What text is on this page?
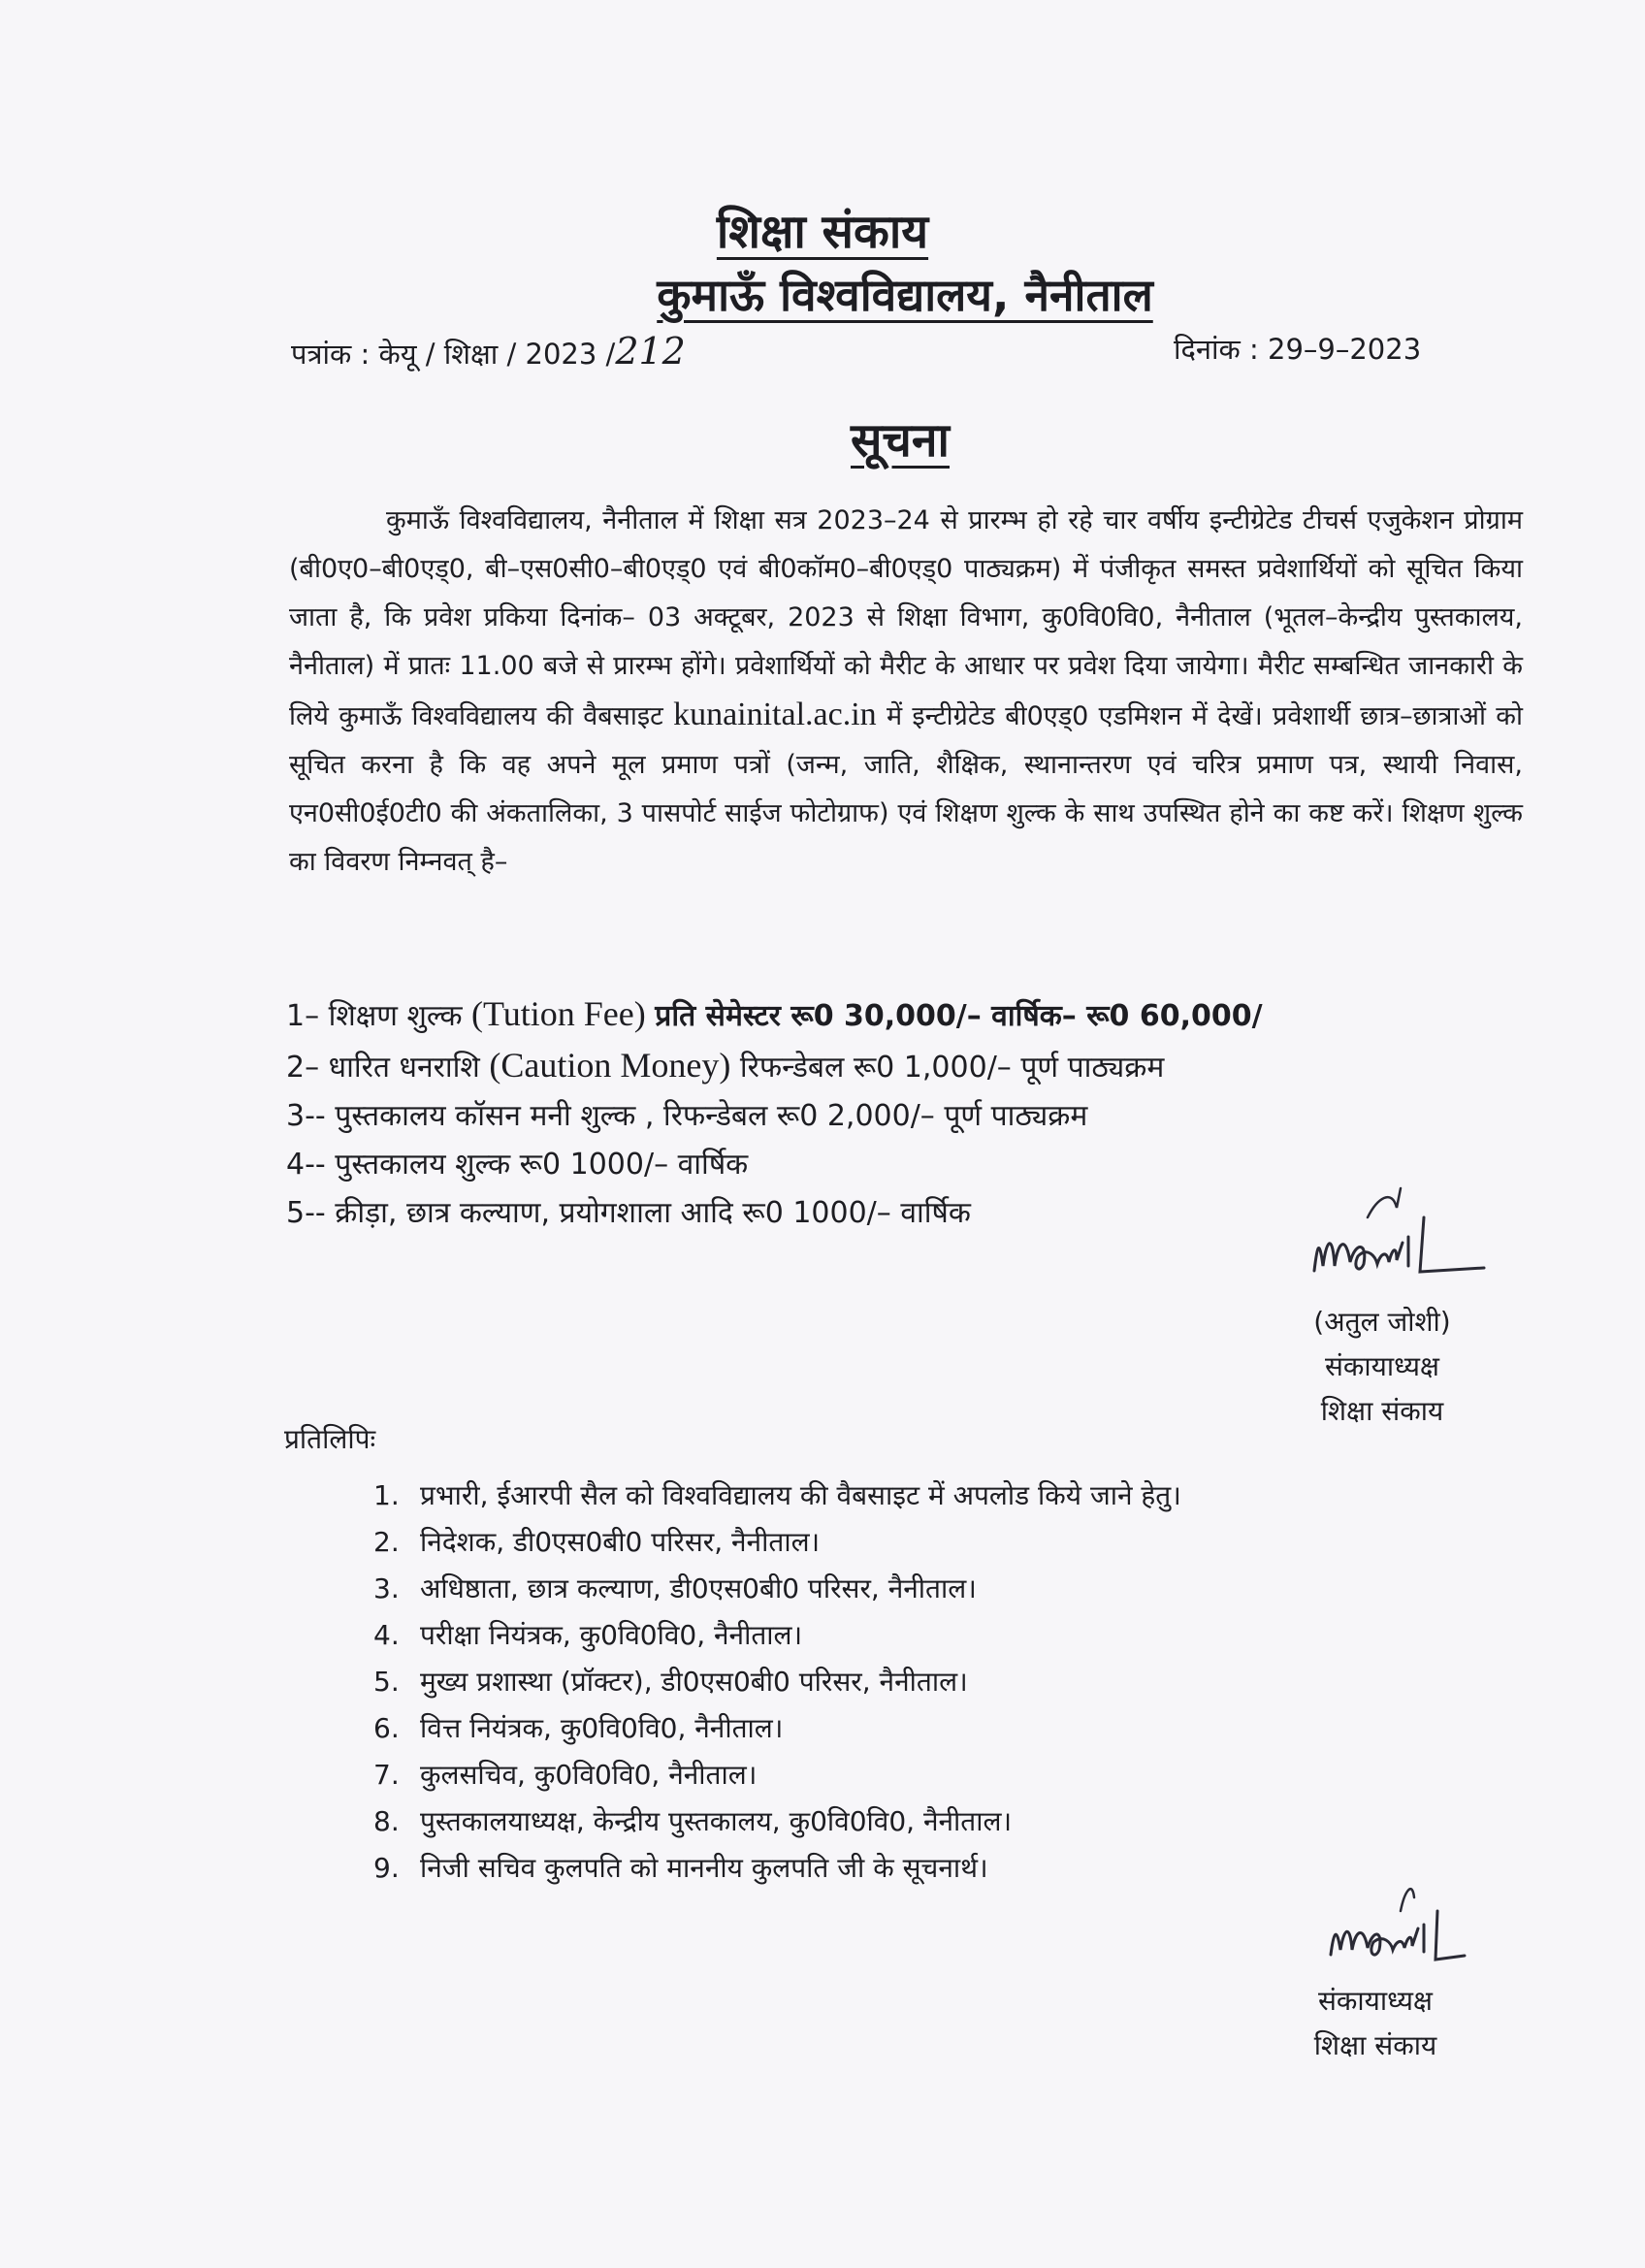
शिक्षा संकाय
कुमाऊँ विश्वविद्यालय, नैनीताल
पत्रांक : केयू / शिक्षा / 2023 /212	दिनांक : 29–9–2023
सूचना
कुमाऊँ विश्वविद्यालय, नैनीताल में शिक्षा सत्र 2023–24 से प्रारम्भ हो रहे चार वर्षीय इन्टीग्रेटेड टीचर्स एजुकेशन प्रोग्राम (बी0ए0–बी0एड्0, बी–एस0सी0–बी0एड्0 एवं बी0कॉम0–बी0एड्0 पाठ्यक्रम) में पंजीकृत समस्त प्रवेशार्थियों को सूचित किया जाता है, कि प्रवेश प्रकिया दिनांक– 03 अक्टूबर, 2023 से शिक्षा विभाग, कु0वि0वि0, नैनीताल (भूतल–केन्द्रीय पुस्तकालय, नैनीताल) में प्रातः 11.00 बजे से प्रारम्भ होंगे। प्रवेशार्थियों को मैरीट के आधार पर प्रवेश दिया जायेगा। मैरीट सम्बन्धित जानकारी के लिये कुमाऊँ विश्वविद्यालय की वैबसाइट kunainital.ac.in में इन्टीग्रेटेड बी0एड्0 एडमिशन में देखें। प्रवेशार्थी छात्र–छात्राओं को सूचित करना है कि वह अपने मूल प्रमाण पत्रों (जन्म, जाति, शैक्षिक, स्थानान्तरण एवं चरित्र प्रमाण पत्र, स्थायी निवास, एन0सी0ई0टी0 की अंकतालिका, 3 पासपोर्ट साईज फोटोग्राफ) एवं शिक्षण शुल्क के साथ उपस्थित होने का कष्ट करें। शिक्षण शुल्क का विवरण निम्नवत् है–
1– शिक्षण शुल्क (Tution Fee) प्रति सेमेस्टर रू0 30,000/– वार्षिक– रू0 60,000/
2– धारित धनराशि (Caution Money) रिफन्डेबल रू0 1,000/– पूर्ण पाठ्यक्रम
3-- पुस्तकालय कॉसन मनी शुल्क , रिफन्डेबल रू0 2,000/– पूर्ण पाठ्यक्रम
4-- पुस्तकालय शुल्क रू0 1000/– वार्षिक
5-- क्रीड़ा, छात्र कल्याण, प्रयोगशाला आदि रू0 1000/– वार्षिक
(अतुल जोशी)
संकायाध्यक्ष
शिक्षा संकाय
प्रतिलिपिः
1. प्रभारी, ईआरपी सैल को विश्वविद्यालय की वैबसाइट में अपलोड किये जाने हेतु।
2. निदेशक, डी0एस0बी0 परिसर, नैनीताल।
3. अधिष्ठाता, छात्र कल्याण, डी0एस0बी0 परिसर, नैनीताल।
4. परीक्षा नियंत्रक, कु0वि0वि0, नैनीताल।
5. मुख्य प्रशास्था (प्रॉक्टर), डी0एस0बी0 परिसर, नैनीताल।
6. वित्त नियंत्रक, कु0वि0वि0, नैनीताल।
7. कुलसचिव, कु0वि0वि0, नैनीताल।
8. पुस्तकालयाध्यक्ष, केन्द्रीय पुस्तकालय, कु0वि0वि0, नैनीताल।
9. निजी सचिव कुलपति को माननीय कुलपति जी के सूचनार्थ।
संकायाध्यक्ष
शिक्षा संकाय
